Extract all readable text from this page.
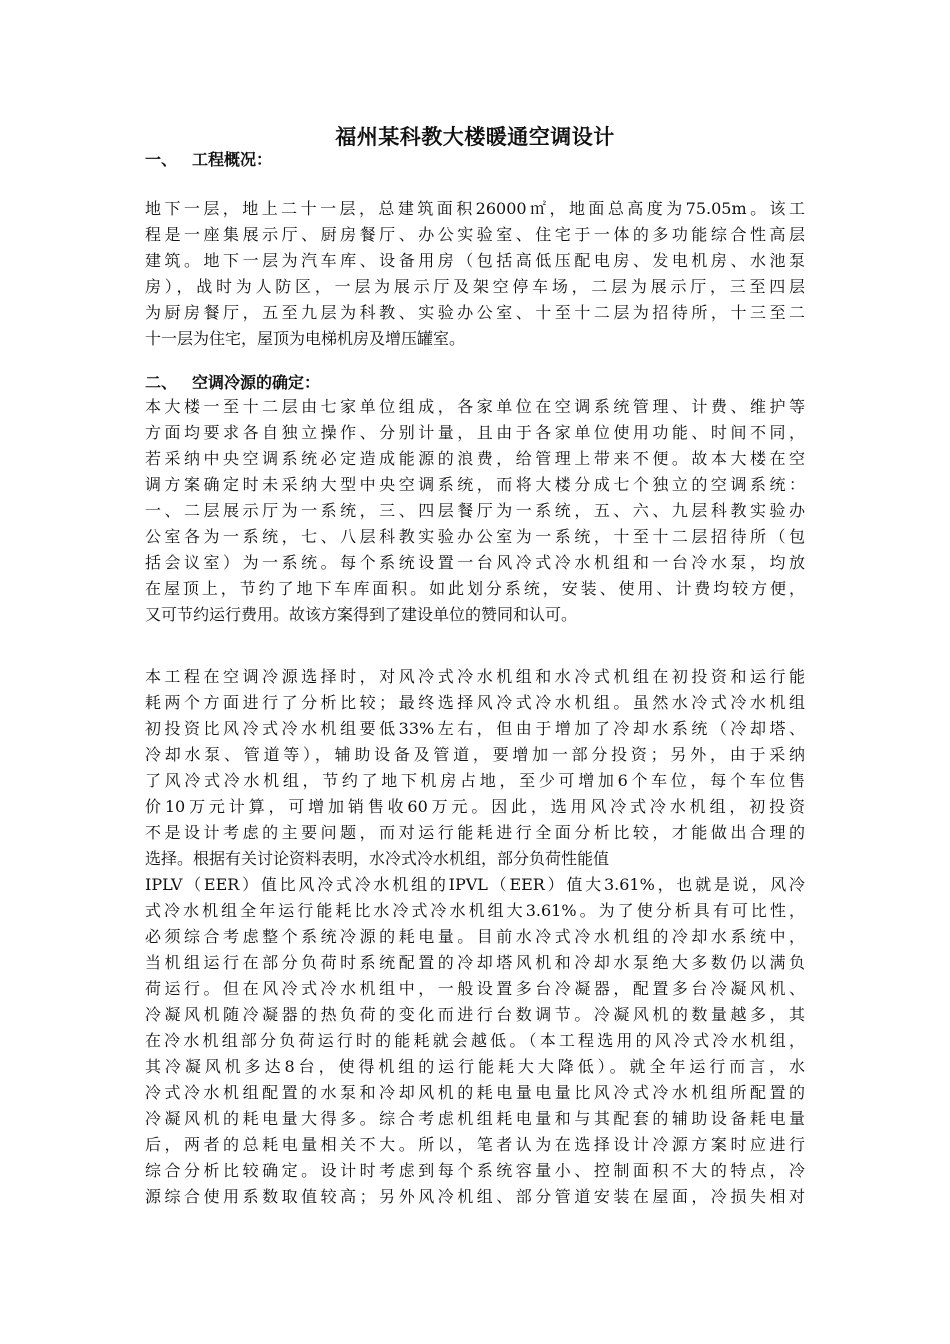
福州某科教大楼暖通空调设计
一、 工程概况：
地下一层，地上二十一层，总建筑面积26000㎡，地面总高度为75.05m。该工
程是一座集展示厅、厨房餐厅、办公实验室、住宅于一体的多功能综合性高层
建筑。地下一层为汽车库、设备用房（包括高低压配电房、发电机房、水池泵
房），战时为人防区，一层为展示厅及架空停车场，二层为展示厅，三至四层
为厨房餐厅，五至九层为科教、实验办公室、十至十二层为招待所，十三至二
十一层为住宅，屋顶为电梯机房及增压罐室。
二、 空调冷源的确定：
本大楼一至十二层由七家单位组成，各家单位在空调系统管理、计费、维护等
方面均要求各自独立操作、分别计量，且由于各家单位使用功能、时间不同，
若采纳中央空调系统必定造成能源的浪费，给管理上带来不便。故本大楼在空
调方案确定时未采纳大型中央空调系统，而将大楼分成七个独立的空调系统：
一、二层展示厅为一系统，三、四层餐厅为一系统，五、六、九层科教实验办
公室各为一系统，七、八层科教实验办公室为一系统，十至十二层招待所（包
括会议室）为一系统。每个系统设置一台风冷式冷水机组和一台冷水泵，均放
在屋顶上，节约了地下车库面积。如此划分系统，安装、使用、计费均较方便，
又可节约运行费用。故该方案得到了建设单位的赞同和认可。
本工程在空调冷源选择时，对风冷式冷水机组和水冷式机组在初投资和运行能
耗两个方面进行了分析比较；最终选择风冷式冷水机组。虽然水冷式冷水机组
初投资比风冷式冷水机组要低33%左右，但由于增加了冷却水系统（冷却塔、
冷却水泵、管道等），辅助设备及管道，要增加一部分投资；另外，由于采纳
了风冷式冷水机组，节约了地下机房占地，至少可增加6个车位，每个车位售
价10万元计算，可增加销售收60万元。因此，选用风冷式冷水机组，初投资
不是设计考虑的主要问题，而对运行能耗进行全面分析比较，才能做出合理的
选择。根据有关讨论资料表明，水冷式冷水机组，部分负荷性能值
IPLV（EER）值比风冷式冷水机组的IPVL（EER）值大3.61%，也就是说，风冷
式冷水机组全年运行能耗比水冷式冷水机组大3.61%。为了使分析具有可比性，
必须综合考虑整个系统冷源的耗电量。目前水冷式冷水机组的冷却水系统中，
当机组运行在部分负荷时系统配置的冷却塔风机和冷却水泵绝大多数仍以满负
荷运行。但在风冷式冷水机组中，一般设置多台冷凝器，配置多台冷凝风机、
冷凝风机随冷凝器的热负荷的变化而进行台数调节。冷凝风机的数量越多，其
在冷水机组部分负荷运行时的能耗就会越低。（本工程选用的风冷式冷水机组，
其冷凝风机多达8台，使得机组的运行能耗大大降低）。就全年运行而言，水
冷式冷水机组配置的水泵和冷却风机的耗电量电量比风冷式冷水机组所配置的
冷凝风机的耗电量大得多。综合考虑机组耗电量和与其配套的辅助设备耗电量
后，两者的总耗电量相关不大。所以，笔者认为在选择设计冷源方案时应进行
综合分析比较确定。设计时考虑到每个系统容量小、控制面积不大的特点，冷
源综合使用系数取值较高；另外风冷机组、部分管道安装在屋面，冷损失相对
